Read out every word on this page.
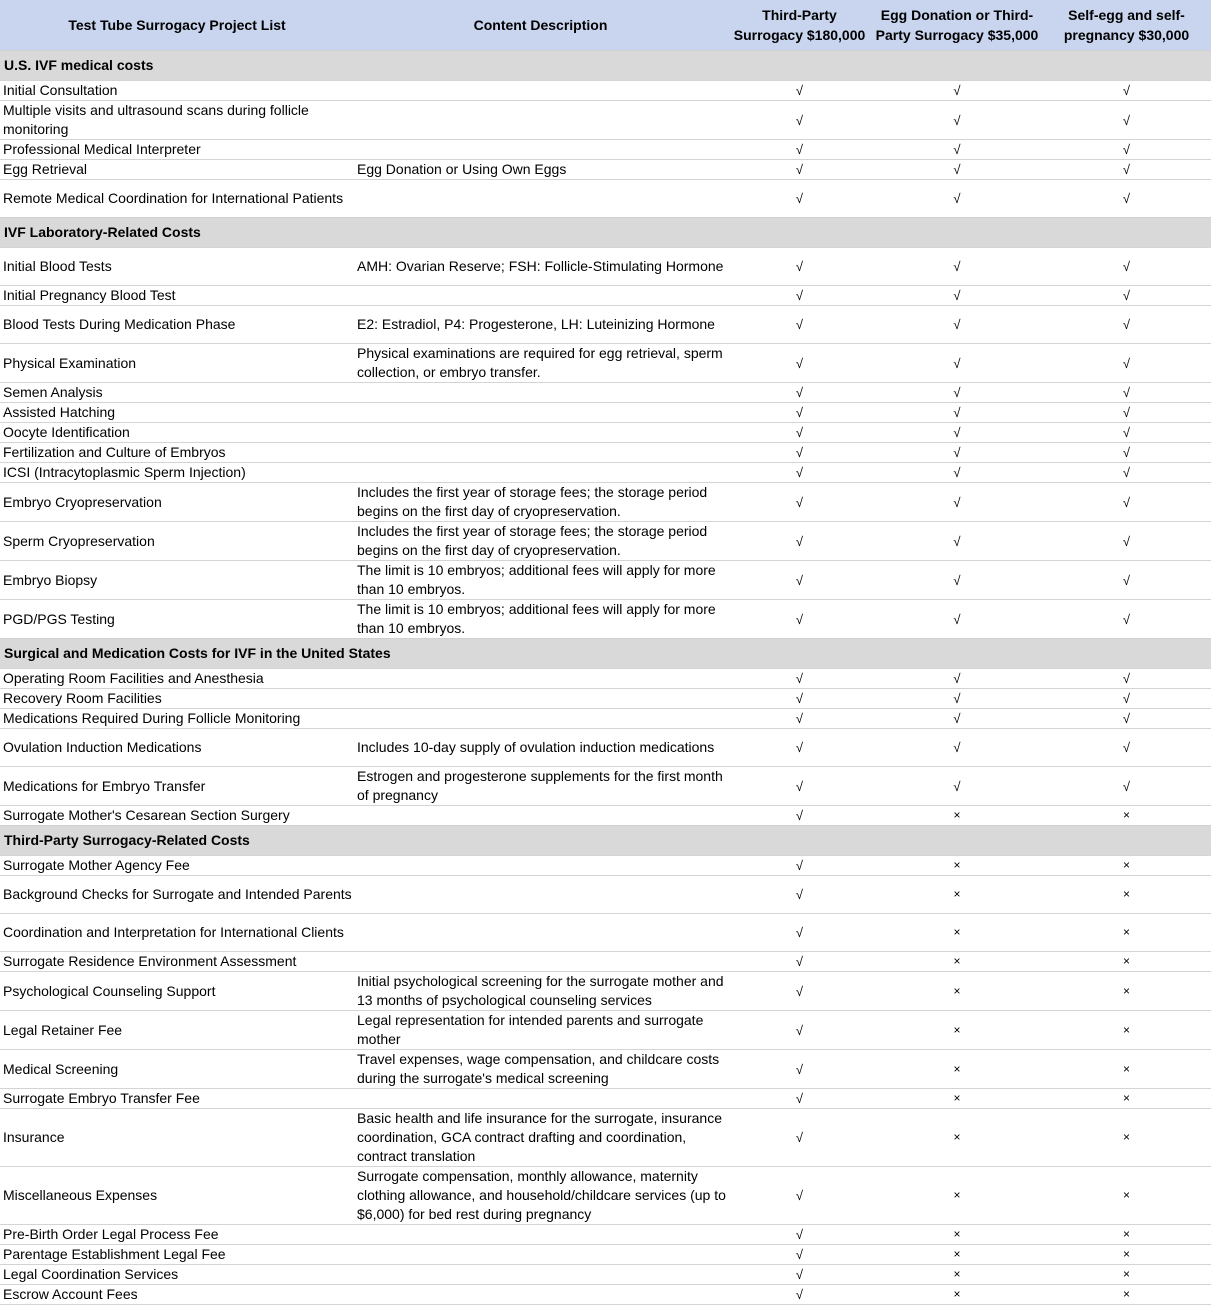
Test Tube Surrogacy Project List	Content Description	Third-Party Surrogacy $180,000	Egg Donation or Third-Party Surrogacy $35,000	Self-egg and self-pregnancy $30,000
U.S. IVF medical costs				
Initial Consultation		√	√	√
Multiple visits and ultrasound scans during follicle monitoring		√	√	√
Professional Medical Interpreter		√	√	√
Egg Retrieval	Egg Donation or Using Own Eggs	√	√	√
Remote Medical Coordination for International Patients		√	√	√
IVF Laboratory-Related Costs				
Initial Blood Tests	AMH: Ovarian Reserve; FSH: Follicle-Stimulating Hormone	√	√	√
Initial Pregnancy Blood Test		√	√	√
Blood Tests During Medication Phase	E2: Estradiol, P4: Progesterone, LH: Luteinizing Hormone	√	√	√
Physical Examination	Physical examinations are required for egg retrieval, sperm collection, or embryo transfer.	√	√	√
Semen Analysis		√	√	√
Assisted Hatching		√	√	√
Oocyte Identification		√	√	√
Fertilization and Culture of Embryos		√	√	√
ICSI (Intracytoplasmic Sperm Injection)		√	√	√
Embryo Cryopreservation	Includes the first year of storage fees; the storage period begins on the first day of cryopreservation.	√	√	√
Sperm Cryopreservation	Includes the first year of storage fees; the storage period begins on the first day of cryopreservation.	√	√	√
Embryo Biopsy	The limit is 10 embryos; additional fees will apply for more than 10 embryos.	√	√	√
PGD/PGS Testing	The limit is 10 embryos; additional fees will apply for more than 10 embryos.	√	√	√
Surgical and Medication Costs for IVF in the United States				
Operating Room Facilities and Anesthesia		√	√	√
Recovery Room Facilities		√	√	√
Medications Required During Follicle Monitoring		√	√	√
Ovulation Induction Medications	Includes 10-day supply of ovulation induction medications	√	√	√
Medications for Embryo Transfer	Estrogen and progesterone supplements for the first month of pregnancy	√	√	√
Surrogate Mother's Cesarean Section Surgery		√	×	×
Third-Party Surrogacy-Related Costs				
Surrogate Mother Agency Fee		√	×	×
Background Checks for Surrogate and Intended Parents		√	×	×
Coordination and Interpretation for International Clients		√	×	×
Surrogate Residence Environment Assessment		√	×	×
Psychological Counseling Support	Initial psychological screening for the surrogate mother and 13 months of psychological counseling services	√	×	×
Legal Retainer Fee	Legal representation for intended parents and surrogate mother	√	×	×
Medical Screening	Travel expenses, wage compensation, and childcare costs during the surrogate's medical screening	√	×	×
Surrogate Embryo Transfer Fee		√	×	×
Insurance	Basic health and life insurance for the surrogate, insurance coordination, GCA contract drafting and coordination, contract translation	√	×	×
Miscellaneous Expenses	Surrogate compensation, monthly allowance, maternity clothing allowance, and household/childcare services (up to $6,000) for bed rest during pregnancy	√	×	×
Pre-Birth Order Legal Process Fee		√	×	×
Parentage Establishment Legal Fee		√	×	×
Legal Coordination Services		√	×	×
Escrow Account Fees		√	×	×
